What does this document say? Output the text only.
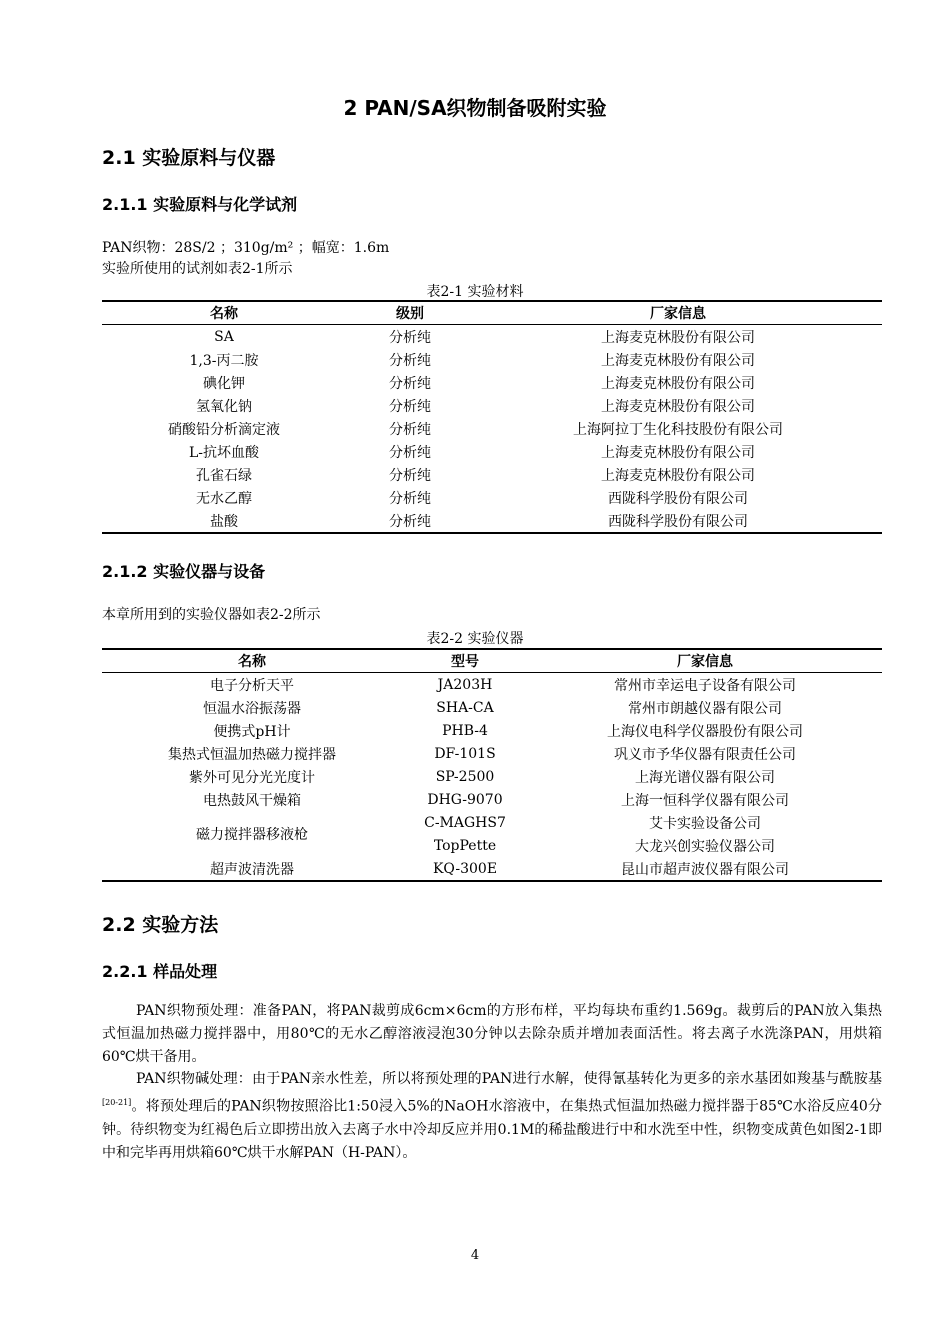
2 PAN/SA织物制备吸附实验
2.1 实验原料与仪器
2.1.1 实验原料与化学试剂
PAN织物：28S/2 ；310g/m² ；幅宽：1.6m
实验所使用的试剂如表2-1所示
表2-1 实验材料
名称	级别	厂家信息
SA	分析纯	上海麦克林股份有限公司
1,3-丙二胺	分析纯	上海麦克林股份有限公司
碘化钾	分析纯	上海麦克林股份有限公司
氢氧化钠	分析纯	上海麦克林股份有限公司
硝酸铅分析滴定液	分析纯	上海阿拉丁生化科技股份有限公司
L-抗坏血酸	分析纯	上海麦克林股份有限公司
孔雀石绿	分析纯	上海麦克林股份有限公司
无水乙醇	分析纯	西陇科学股份有限公司
盐酸	分析纯	西陇科学股份有限公司
2.1.2 实验仪器与设备
本章所用到的实验仪器如表2-2所示
表2-2 实验仪器
名称	型号	厂家信息
电子分析天平	JA203H	常州市幸运电子设备有限公司
恒温水浴振荡器	SHA-CA	常州市朗越仪器有限公司
便携式pH计	PHB-4	上海仪电科学仪器股份有限公司
集热式恒温加热磁力搅拌器	DF-101S	巩义市予华仪器有限责任公司
紫外可见分光光度计	SP-2500	上海光谱仪器有限公司
电热鼓风干燥箱	DHG-9070	上海一恒科学仪器有限公司
磁力搅拌器移液枪	C-MAGHS7	艾卡实验设备公司
	TopPette	大龙兴创实验仪器公司
超声波清洗器	KQ-300E	昆山市超声波仪器有限公司
2.2 实验方法
2.2.1 样品处理

PAN织物预处理：准备PAN，将PAN裁剪成6cm×6cm的方形布样，平均每块布重约1.569g。裁剪后的PAN放入集热式恒温加热磁力搅拌器中，用80℃的无水乙醇溶液浸泡30分钟以去除杂质并增加表面活性。将去离子水洗涤PAN，用烘箱60℃烘干备用。

PAN织物碱处理：由于PAN亲水性差，所以将预处理的PAN进行水解，使得氰基转化为更多的亲水基团如羧基与酰胺基[20-21]。将预处理后的PAN织物按照浴比1:50浸入5%的NaOH水溶液中，在集热式恒温加热磁力搅拌器于85℃水浴反应40分钟。待织物变为红褐色后立即捞出放入去离子水中冷却反应并用0.1M的稀盐酸进行中和水洗至中性，织物变成黄色如图2-1即中和完毕再用烘箱60℃烘干水解PAN（H-PAN）。

4
